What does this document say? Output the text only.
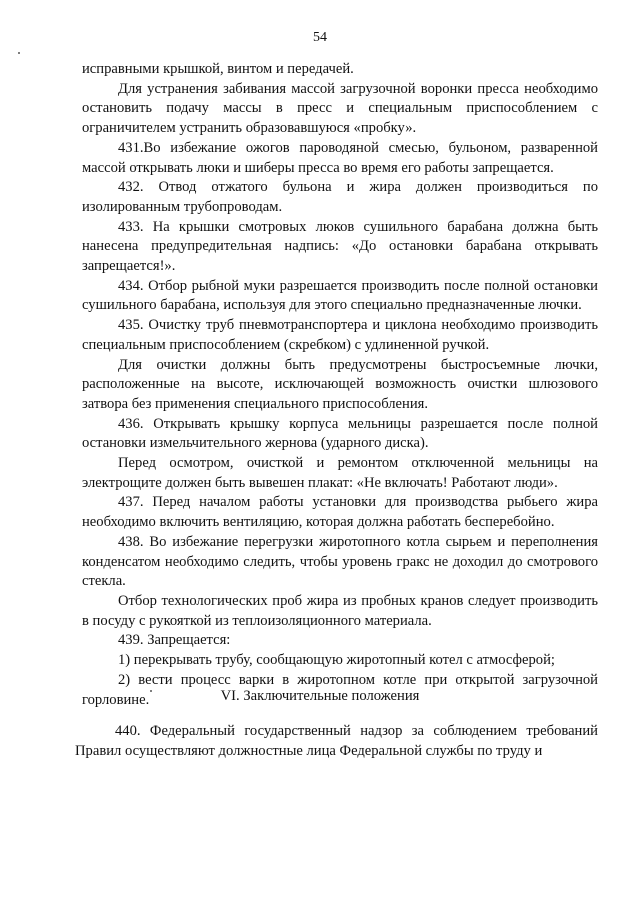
54

исправными крышкой, винтом и передачей.

Для устранения забивания массой загрузочной воронки пресса необходимо остановить подачу массы в пресс и специальным приспособлением с ограничителем устранить образовавшуюся «пробку».

431.Во избежание ожогов пароводяной смесью, бульоном, разваренной массой открывать люки и шиберы пресса во время его работы запрещается.

432. Отвод отжатого бульона и жира должен производиться по изолированным трубопроводам.

433. На крышки смотровых люков сушильного барабана должна быть нанесена предупредительная надпись: «До остановки барабана открывать запрещается!».

434. Отбор рыбной муки разрешается производить после полной остановки сушильного барабана, используя для этого специально предназначенные лючки.

435. Очистку труб пневмотранспортера и циклона необходимо производить специальным приспособлением (скребком) с удлиненной ручкой.

Для очистки должны быть предусмотрены быстросъемные лючки, расположенные на высоте, исключающей возможность очистки шлюзового затвора без применения специального приспособления.

436. Открывать крышку корпуса мельницы разрешается после полной остановки измельчительного жернова (ударного диска).

Перед осмотром, очисткой и ремонтом отключенной мельницы на электрощите должен быть вывешен плакат: «Не включать! Работают люди».

437. Перед началом работы установки для производства рыбьего жира необходимо включить вентиляцию, которая должна работать бесперебойно.

438. Во избежание перегрузки жиротопного котла сырьем и переполнения конденсатом необходимо следить, чтобы уровень гракс не доходил до смотрового стекла.

Отбор технологических проб жира из пробных кранов следует производить в посуду с рукояткой из теплоизоляционного материала.

439. Запрещается:

1) перекрывать трубу, сообщающую жиротопный котел с атмосферой;

2) вести процесс варки в жиротопном котле при открытой загрузочной горловине.	VI. Заключительные положения

440. Федеральный государственный надзор за соблюдением требований Правил осуществляют должностные лица Федеральной службы по труду и
